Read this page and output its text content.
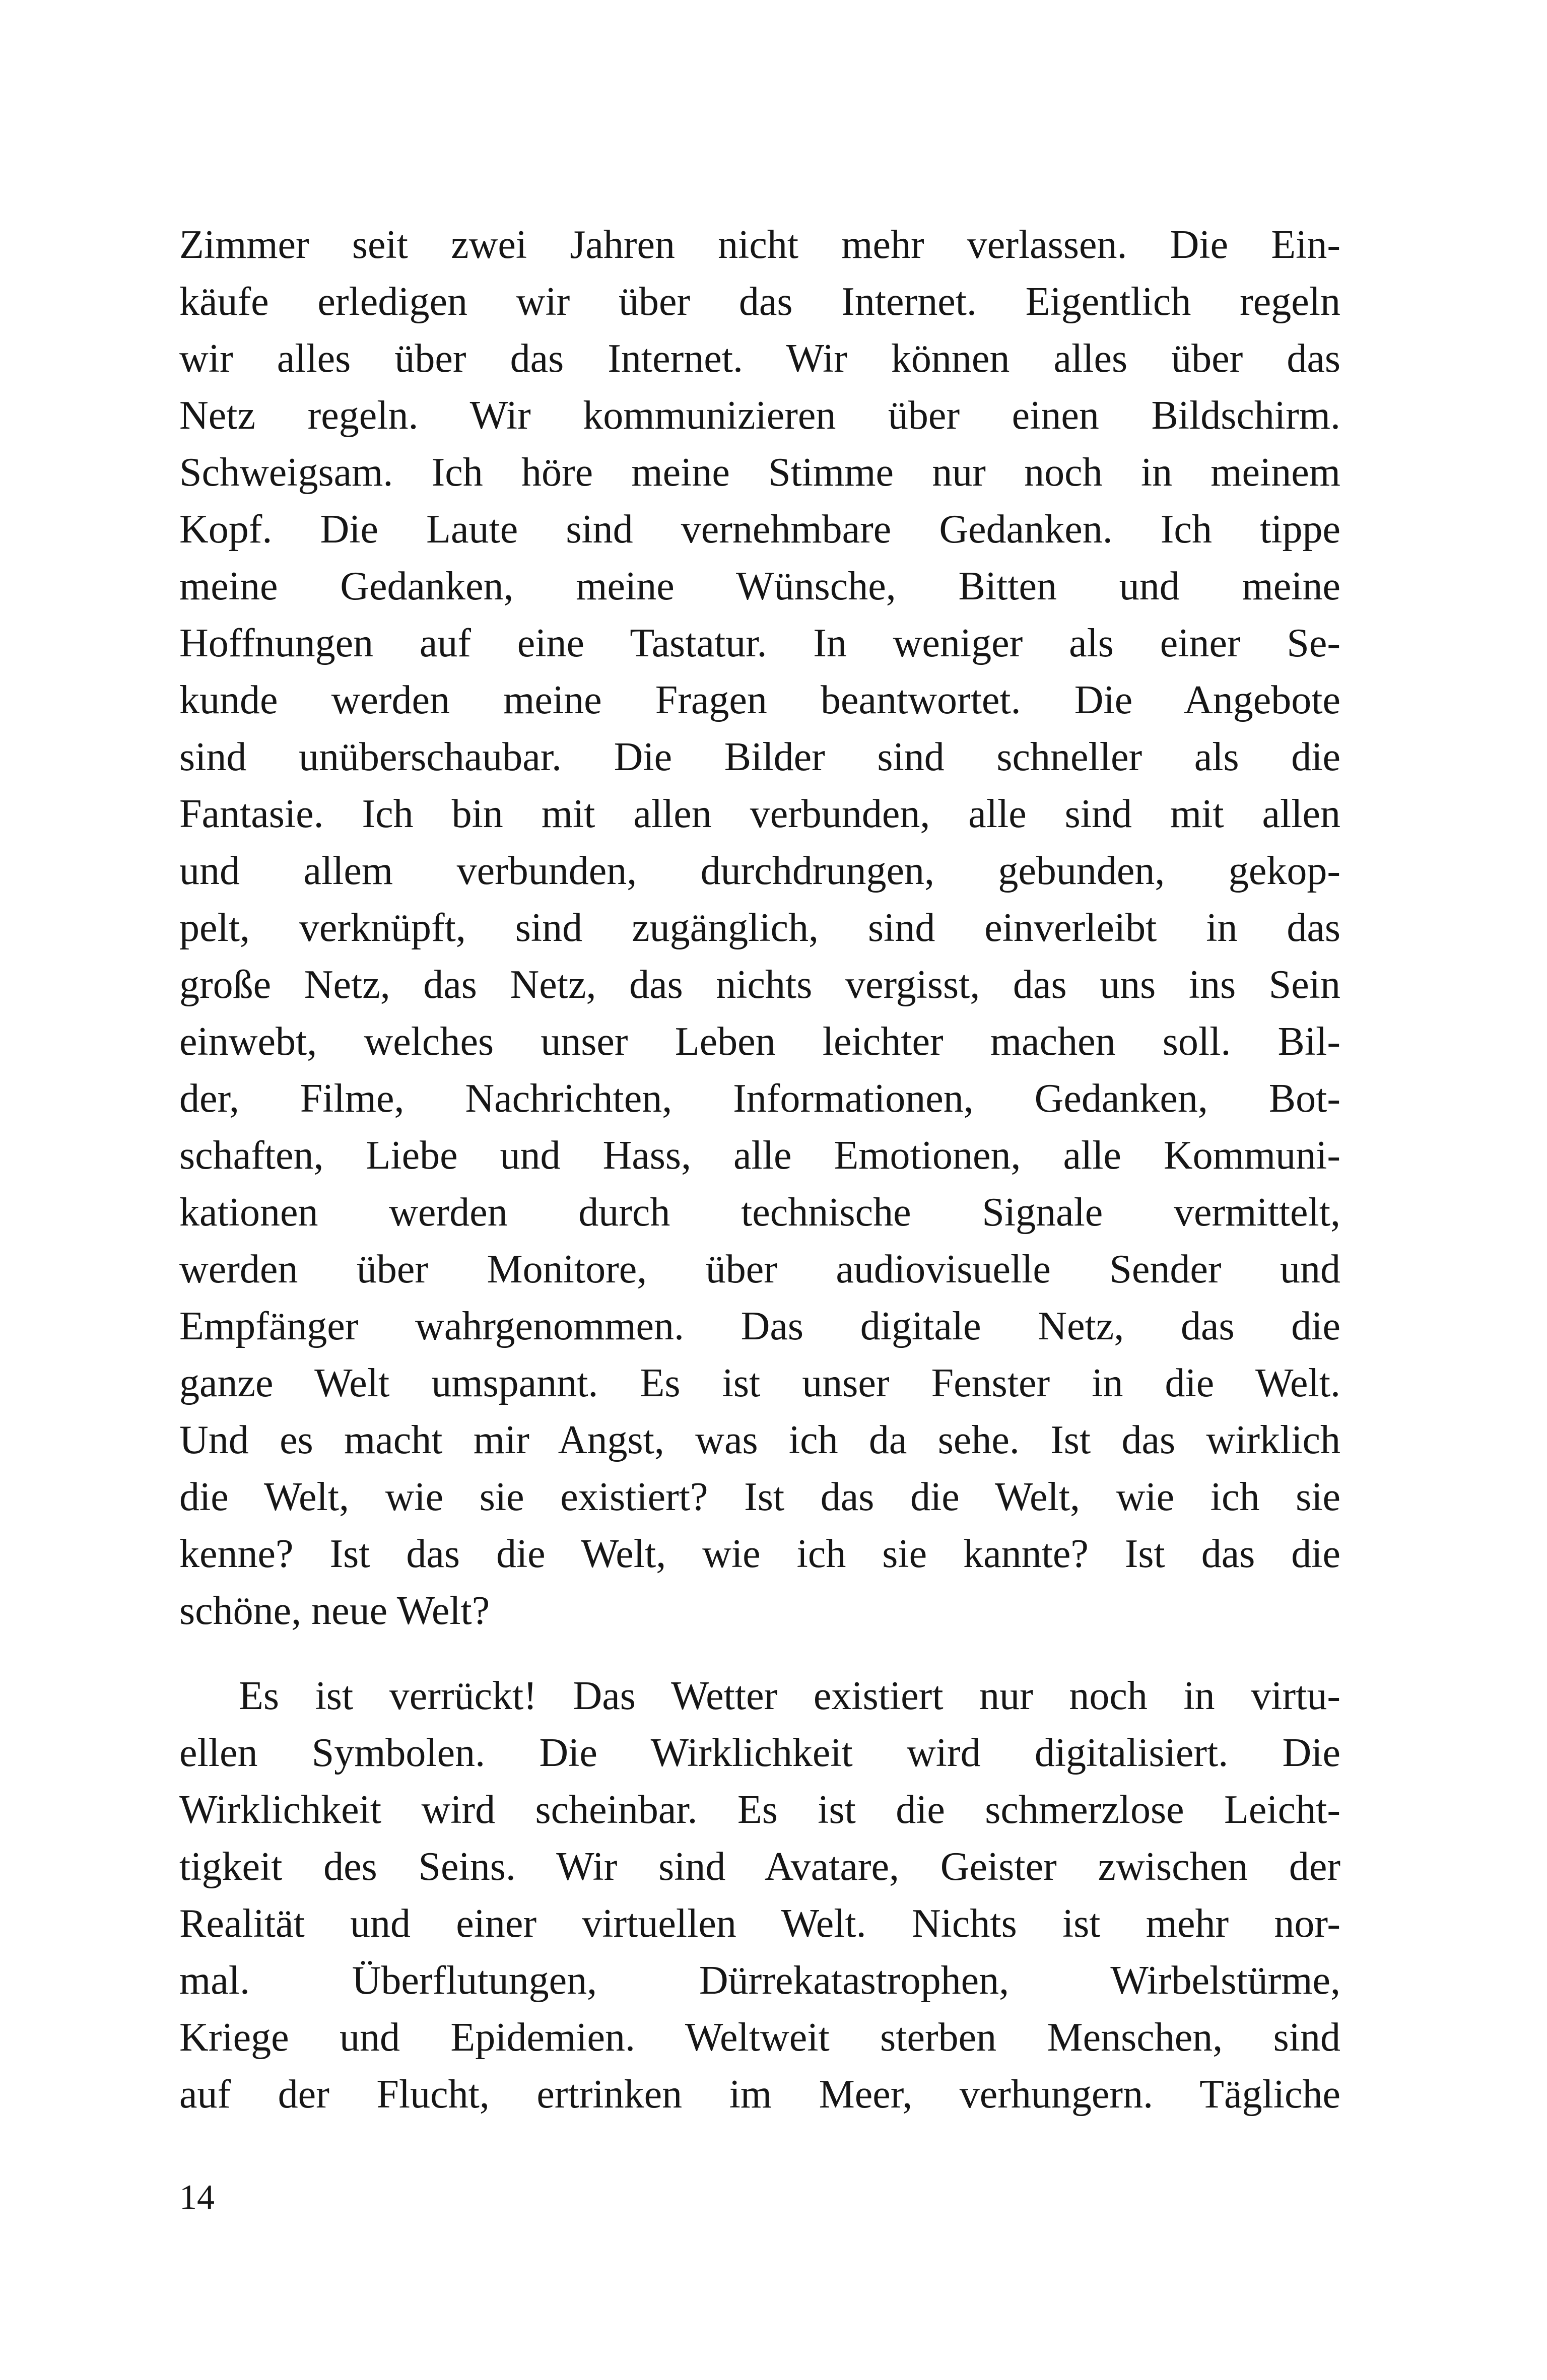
Zimmer seit zwei Jahren nicht mehr verlassen. Die Ein-
käufe erledigen wir über das Internet. Eigentlich regeln
wir alles über das Internet. Wir können alles über das
Netz regeln. Wir kommunizieren über einen Bildschirm.
Schweigsam. Ich höre meine Stimme nur noch in meinem
Kopf. Die Laute sind vernehmbare Gedanken. Ich tippe
meine Gedanken, meine Wünsche, Bitten und meine
Hoffnungen auf eine Tastatur. In weniger als einer Se-
kunde werden meine Fragen beantwortet. Die Angebote
sind unüberschaubar. Die Bilder sind schneller als die
Fantasie. Ich bin mit allen verbunden, alle sind mit allen
und allem verbunden, durchdrungen, gebunden, gekop-
pelt, verknüpft, sind zugänglich, sind einverleibt in das
große Netz, das Netz, das nichts vergisst, das uns ins Sein
einwebt, welches unser Leben leichter machen soll. Bil-
der, Filme, Nachrichten, Informationen, Gedanken, Bot-
schaften, Liebe und Hass, alle Emotionen, alle Kommuni-
kationen werden durch technische Signale vermittelt,
werden über Monitore, über audiovisuelle Sender und
Empfänger wahrgenommen. Das digitale Netz, das die
ganze Welt umspannt. Es ist unser Fenster in die Welt.
Und es macht mir Angst, was ich da sehe. Ist das wirklich
die Welt, wie sie existiert? Ist das die Welt, wie ich sie
kenne? Ist das die Welt, wie ich sie kannte? Ist das die
schöne, neue Welt?
Es ist verrückt! Das Wetter existiert nur noch in virtu-
ellen Symbolen. Die Wirklichkeit wird digitalisiert. Die
Wirklichkeit wird scheinbar. Es ist die schmerzlose Leicht-
tigkeit des Seins. Wir sind Avatare, Geister zwischen der
Realität und einer virtuellen Welt. Nichts ist mehr nor-
mal. Überflutungen, Dürrekatastrophen, Wirbelstürme,
Kriege und Epidemien. Weltweit sterben Menschen, sind
auf der Flucht, ertrinken im Meer, verhungern. Tägliche
14
